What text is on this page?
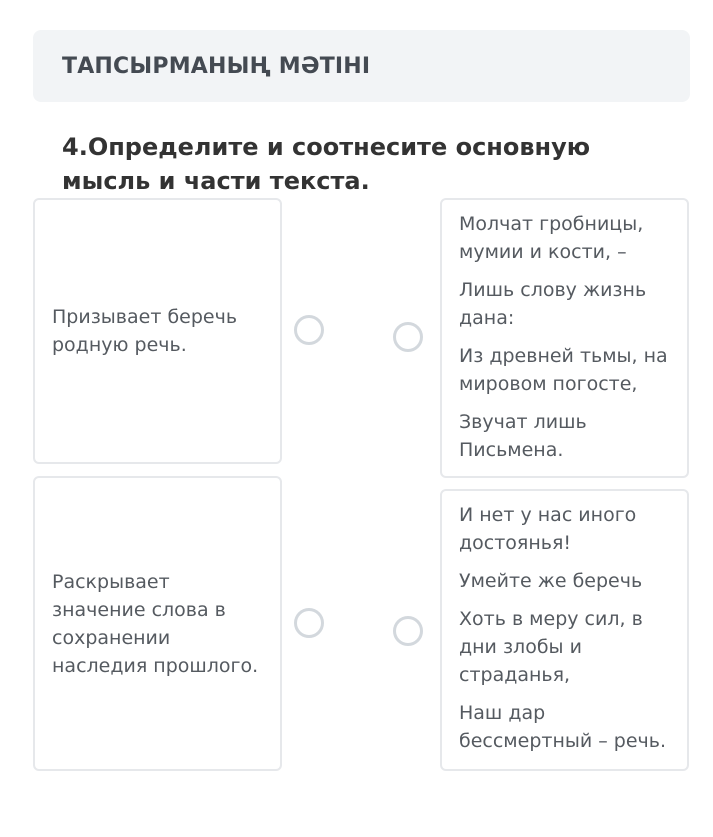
ТАПСЫРМАНЫҢ МӘТІНІ
4.Определите и соотнесите основную мысль и части текста.
Призывает беречь родную речь.
Молчат гробницы, мумии и кости, –
Лишь слову жизнь дана:
Из древней тьмы, на мировом погосте,
Звучат лишь Письмена.
Раскрывает значение слова в сохранении наследия прошлого.
И нет у нас иного достоянья!
Умейте же беречь
Хоть в меру сил, в дни злобы и страданья,
Наш дар бессмертный – речь.
